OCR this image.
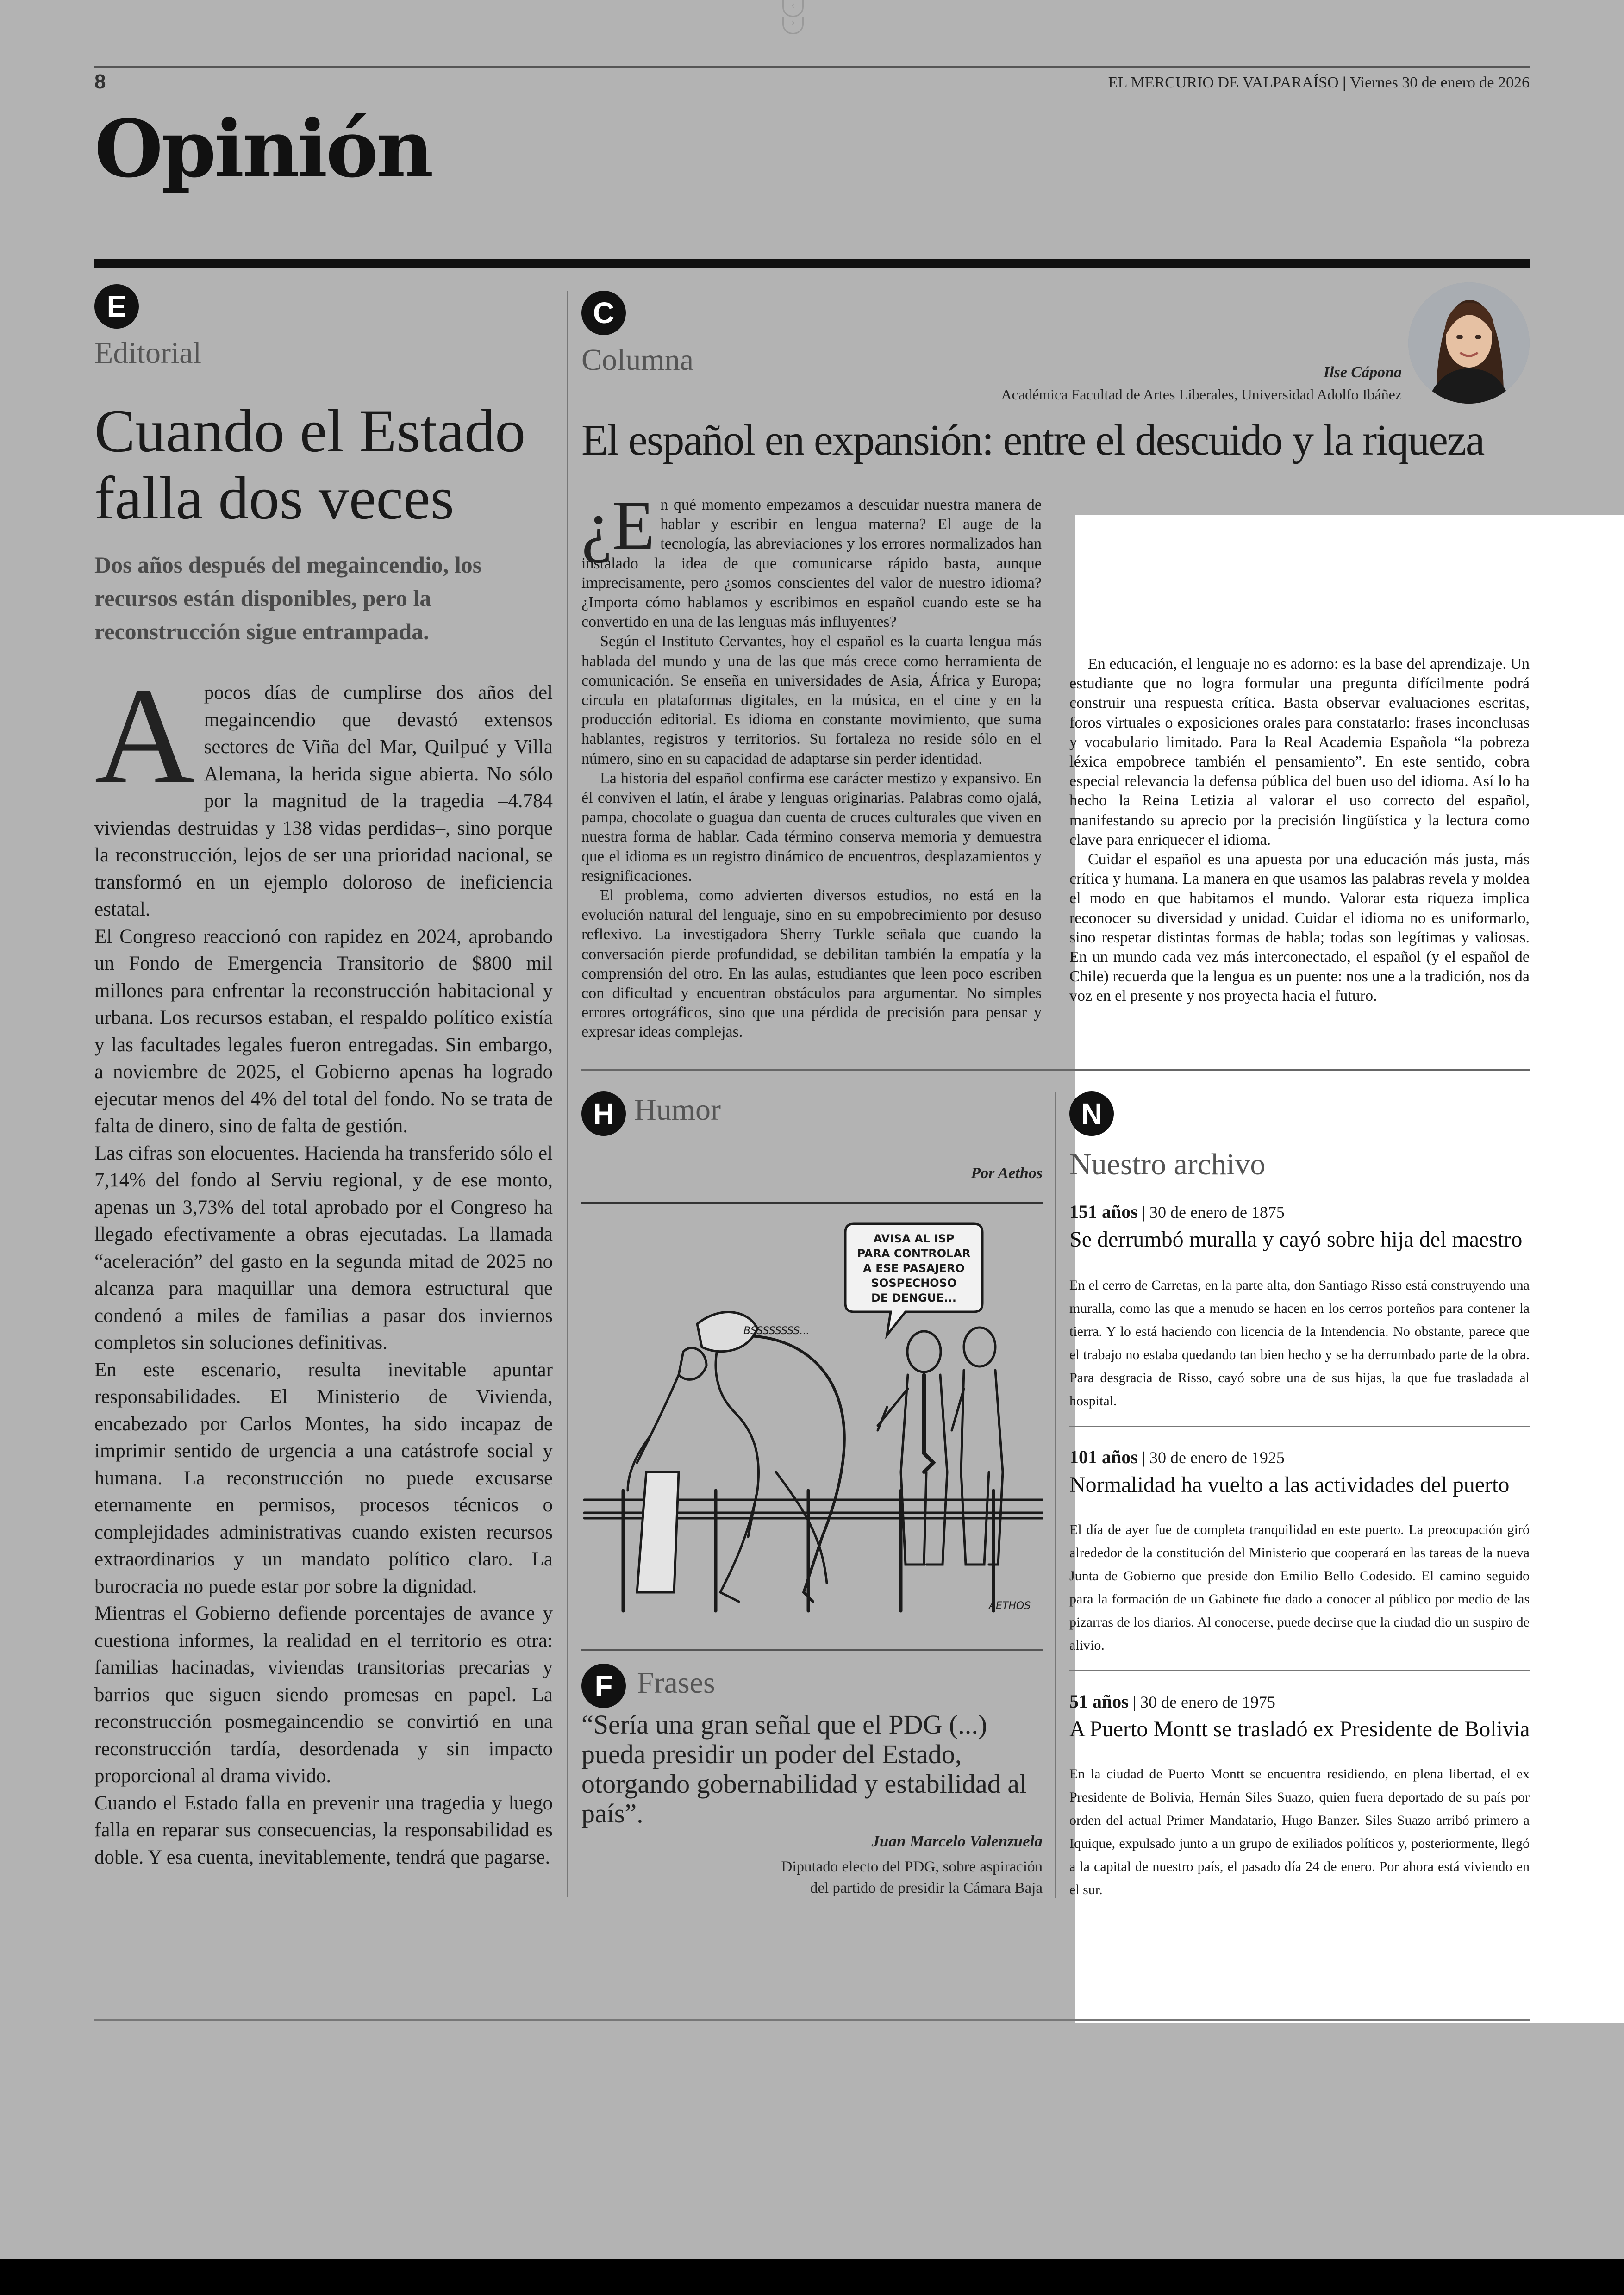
‹›
8	EL MERCURIO DE VALPARAÍSO | Viernes 30 de enero de 2026
Opinión
E
Editorial
Cuando el Estado
falla dos veces
Dos años después del megaincendio, los recursos están disponibles, pero la reconstrucción sigue entrampada.

A pocos días de cumplirse dos años del megaincendio que devastó extensos sectores de Viña del Mar, Quilpué y Villa Alemana, la herida sigue abierta. No sólo por la magnitud de la tragedia –4.784 viviendas destruidas y 138 vidas perdidas–, sino porque la reconstrucción, lejos de ser una prioridad nacional, se transformó en un ejemplo doloroso de ineficiencia estatal.

El Congreso reaccionó con rapidez en 2024, aprobando un Fondo de Emergencia Transitorio de $800 mil millones para enfrentar la reconstrucción habitacional y urbana. Los recursos estaban, el respaldo político existía y las facultades legales fueron entregadas. Sin embargo, a noviembre de 2025, el Gobierno apenas ha logrado ejecutar menos del 4% del total del fondo. No se trata de falta de dinero, sino de falta de gestión.

Las cifras son elocuentes. Hacienda ha transferido sólo el 7,14% del fondo al Serviu regional, y de ese monto, apenas un 3,73% del total aprobado por el Congreso ha llegado efectivamente a obras ejecutadas. La llamada “aceleración” del gasto en la segunda mitad de 2025 no alcanza para maquillar una demora estructural que condenó a miles de familias a pasar dos inviernos completos sin soluciones definitivas.

En este escenario, resulta inevitable apuntar responsabilidades. El Ministerio de Vivienda, encabezado por Carlos Montes, ha sido incapaz de imprimir sentido de urgencia a una catástrofe social y humana. La reconstrucción no puede excusarse eternamente en permisos, procesos técnicos o complejidades administrativas cuando existen recursos extraordinarios y un mandato político claro. La burocracia no puede estar por sobre la dignidad.

Mientras el Gobierno defiende porcentajes de avance y cuestiona informes, la realidad en el territorio es otra: familias hacinadas, viviendas transitorias precarias y barrios que siguen siendo promesas en papel. La reconstrucción posmegaincendio se convirtió en una reconstrucción tardía, desordenada y sin impacto proporcional al drama vivido.

Cuando el Estado falla en prevenir una tragedia y luego falla en reparar sus consecuencias, la responsabilidad es doble. Y esa cuenta, inevitablemente, tendrá que pagarse.

C
Columna	Ilse Cápona
Académica Facultad de Artes Liberales, Universidad Adolfo Ibáñez
El español en expansión: entre el descuido y la riqueza

¿E n qué momento empezamos a descuidar nuestra manera de hablar y escribir en lengua materna? El auge de la tecnología, las abreviaciones y los errores normalizados han instalado la idea de que comunicarse rápido basta, aunque imprecisamente, pero ¿somos conscientes del valor de nuestro idioma? ¿Importa cómo hablamos y escribimos en español cuando este se ha convertido en una de las lenguas más influyentes?

Según el Instituto Cervantes, hoy el español es la cuarta lengua más hablada del mundo y una de las que más crece como herramienta de comunicación. Se enseña en universidades de Asia, África y Europa; circula en plataformas digitales, en la música, en el cine y en la producción editorial. Es idioma en constante movimiento, que suma hablantes, registros y territorios. Su fortaleza no reside sólo en el número, sino en su capacidad de adaptarse sin perder identidad.

La historia del español confirma ese carácter mestizo y expansivo. En él conviven el latín, el árabe y lenguas originarias. Palabras como ojalá, pampa, chocolate o guagua dan cuenta de cruces culturales que viven en nuestra forma de hablar. Cada término conserva memoria y demuestra que el idioma es un registro dinámico de encuentros, desplazamientos y resignificaciones.

El problema, como advierten diversos estudios, no está en la evolución natural del lenguaje, sino en su empobrecimiento por desuso reflexivo. La investigadora Sherry Turkle señala que cuando la conversación pierde profundidad, se debilitan también la empatía y la comprensión del otro. En las aulas, estudiantes que leen poco escriben con dificultad y encuentran obstáculos para argumentar. No simples errores ortográficos, sino que una pérdida de precisión para pensar y expresar ideas complejas.

En educación, el lenguaje no es adorno: es la base del aprendizaje. Un estudiante que no logra formular una pregunta difícilmente podrá construir una respuesta crítica. Basta observar evaluaciones escritas, foros virtuales o exposiciones orales para constatarlo: frases inconclusas y vocabulario limitado. Para la Real Academia Española “la pobreza léxica empobrece también el pensamiento”. En este sentido, cobra especial relevancia la defensa pública del buen uso del idioma. Así lo ha hecho la Reina Letizia al valorar el uso correcto del español, manifestando su aprecio por la precisión lingüística y la lectura como clave para enriquecer el idioma.

Cuidar el español es una apuesta por una educación más justa, más crítica y humana. La manera en que usamos las palabras revela y moldea el modo en que habitamos el mundo. Valorar esta riqueza implica reconocer su diversidad y unidad. Cuidar el idioma no es uniformarlo, sino respetar distintas formas de habla; todas son legítimas y valiosas. En un mundo cada vez más interconectado, el español (y el español de Chile) recuerda que la lengua es un puente: nos une a la tradición, nos da voz en el presente y nos proyecta hacia el futuro.

H Humor
Por Aethos
AVISA AL ISP
PARA CONTROLAR
A ESE PASAJERO
SOSPECHOSO
DE DENGUE...
BSSSSSSSS...
AETHOS
F Frases
“Sería una gran señal que el PDG (...) pueda presidir un poder del Estado, otorgando gobernabilidad y estabilidad al país”.
Juan Marcelo Valenzuela
Diputado electo del PDG, sobre aspiración
del partido de presidir la Cámara Baja
N
Nuestro archivo
151 años | 30 de enero de 1875
Se derrumbó muralla y cayó sobre hija del maestro
En el cerro de Carretas, en la parte alta, don Santiago Risso está construyendo una muralla, como las que a menudo se hacen en los cerros porteños para contener la tierra. Y lo está haciendo con licencia de la Intendencia. No obstante, parece que el trabajo no estaba quedando tan bien hecho y se ha derrumbado parte de la obra. Para desgracia de Risso, cayó sobre una de sus hijas, la que fue trasladada al hospital.
101 años | 30 de enero de 1925
Normalidad ha vuelto a las actividades del puerto
El día de ayer fue de completa tranquilidad en este puerto. La preocupación giró alrededor de la constitución del Ministerio que cooperará en las tareas de la nueva Junta de Gobierno que preside don Emilio Bello Codesido. El camino seguido para la formación de un Gabinete fue dado a conocer al público por medio de las pizarras de los diarios. Al conocerse, puede decirse que la ciudad dio un suspiro de alivio.
51 años | 30 de enero de 1975
A Puerto Montt se trasladó ex Presidente de Bolivia
En la ciudad de Puerto Montt se encuentra residiendo, en plena libertad, el ex Presidente de Bolivia, Hernán Siles Suazo, quien fuera deportado de su país por orden del actual Primer Mandatario, Hugo Banzer. Siles Suazo arribó primero a Iquique, expulsado junto a un grupo de exiliados políticos y, posteriormente, llegó a la capital de nuestro país, el pasado día 24 de enero. Por ahora está viviendo en el sur.
